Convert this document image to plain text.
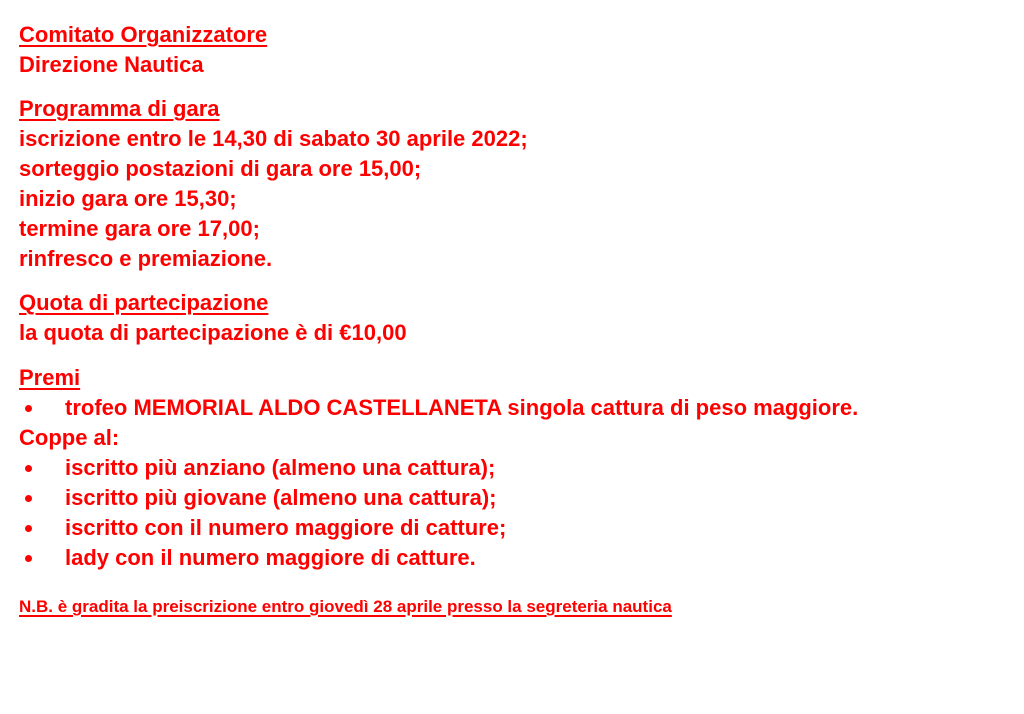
Comitato Organizzatore
Direzione Nautica
Programma di gara
iscrizione entro le 14,30 di sabato 30 aprile 2022;
sorteggio postazioni di gara ore 15,00;
inizio gara ore 15,30;
termine gara ore 17,00;
rinfresco e premiazione.
Quota di partecipazione
la quota di partecipazione è di €10,00
Premi
trofeo MEMORIAL ALDO CASTELLANETA singola cattura di peso maggiore.
Coppe al:
iscritto più anziano (almeno una cattura);
iscritto più giovane (almeno una cattura);
iscritto con il numero maggiore di catture;
lady con il numero maggiore di catture.
N.B. è gradita la preiscrizione entro giovedì 28 aprile presso la segreteria nautica
